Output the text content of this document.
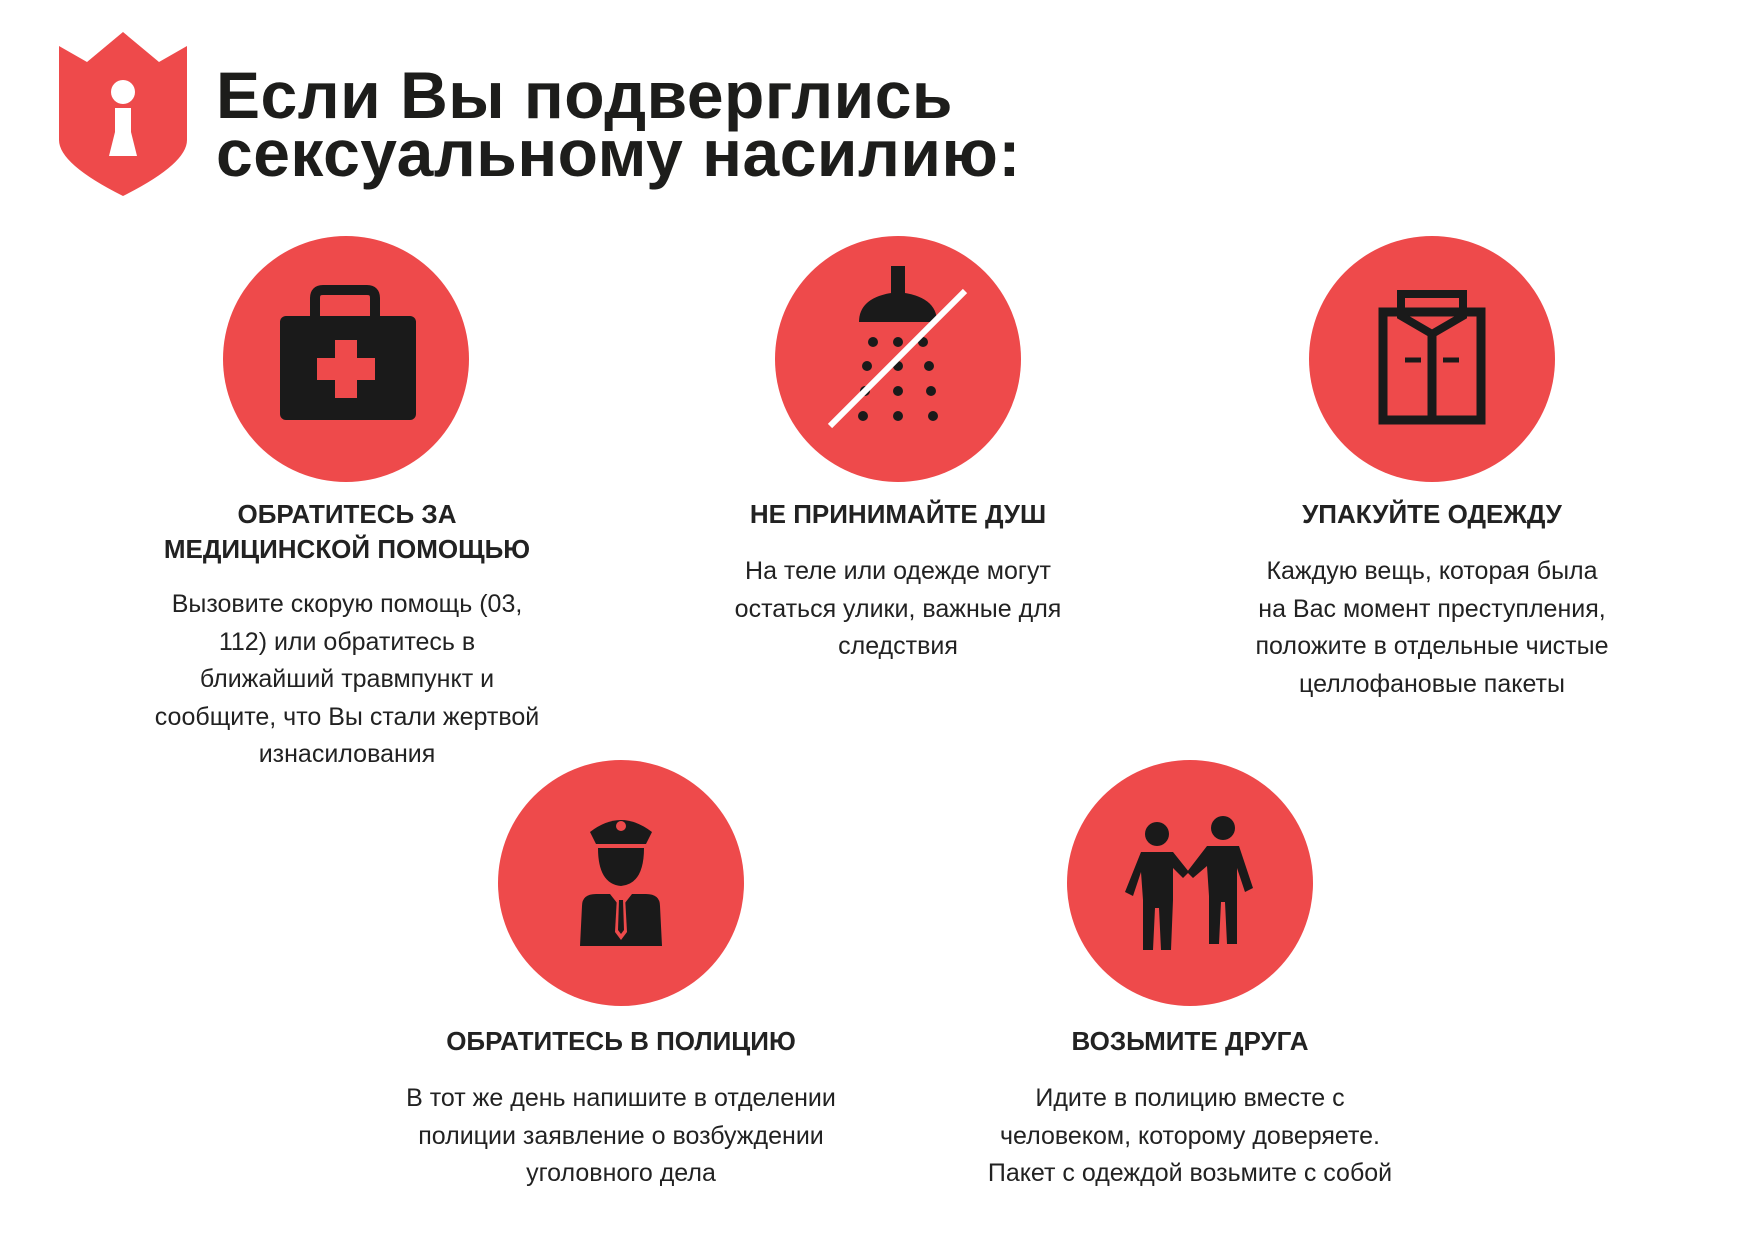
Если Вы подверглись
сексуальному насилию:
ОБРАТИТЕСЬ ЗА
МЕДИЦИНСКОЙ ПОМОЩЬЮ
Вызовите скорую помощь (03,
112) или обратитесь в
ближайший травмпункт и
сообщите, что Вы стали жертвой
изнасилования
НЕ ПРИНИМАЙТЕ ДУШ
На теле или одежде могут
остаться улики, важные для
следствия
УПАКУЙТЕ ОДЕЖДУ
Каждую вещь, которая была
на Вас момент преступления,
положите в отдельные чистые
целлофановые пакеты
ОБРАТИТЕСЬ В ПОЛИЦИЮ
В тот же день напишите в отделении
полиции заявление о возбуждении
уголовного дела
ВОЗЬМИТЕ ДРУГА
Идите в полицию вместе с
человеком, которому доверяете.
Пакет с одеждой возьмите с собой
